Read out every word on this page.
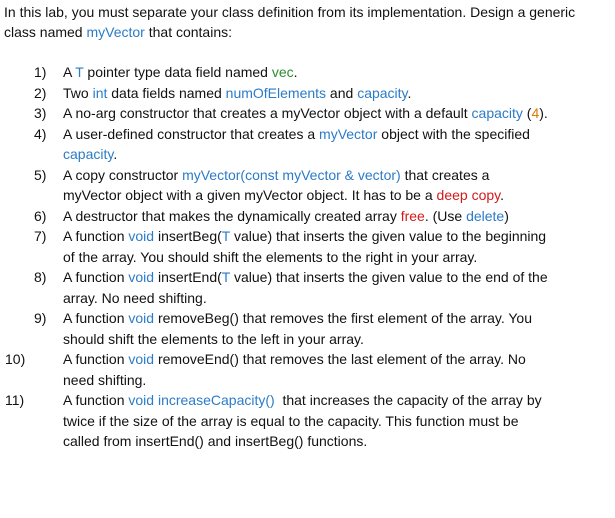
In this lab, you must separate your class definition from its implementation. Design a generic
class named myVector that contains:

1)	A T pointer type data field named vec.
2)	Two int data fields named numOfElements and capacity.
3)	A no-arg constructor that creates a myVector object with a default capacity (4).
4)	A user-defined constructor that creates a myVector object with the specified
capacity.
5)	A copy constructor myVector(const myVector & vector) that creates a
myVector object with a given myVector object. It has to be a deep copy.
6)	A destructor that makes the dynamically created array free. (Use delete)
7)	A function void insertBeg(T value) that inserts the given value to the beginning
of the array. You should shift the elements to the right in your array.
8)	A function void insertEnd(T value) that inserts the given value to the end of the
array. No need shifting.
9)	A function void removeBeg() that removes the first element of the array. You
should shift the elements to the left in your array.
10)	A function void removeEnd() that removes the last element of the array. No
need shifting.
11)	A function void increaseCapacity()  that increases the capacity of the array by
twice if the size of the array is equal to the capacity. This function must be
called from insertEnd() and insertBeg() functions.
